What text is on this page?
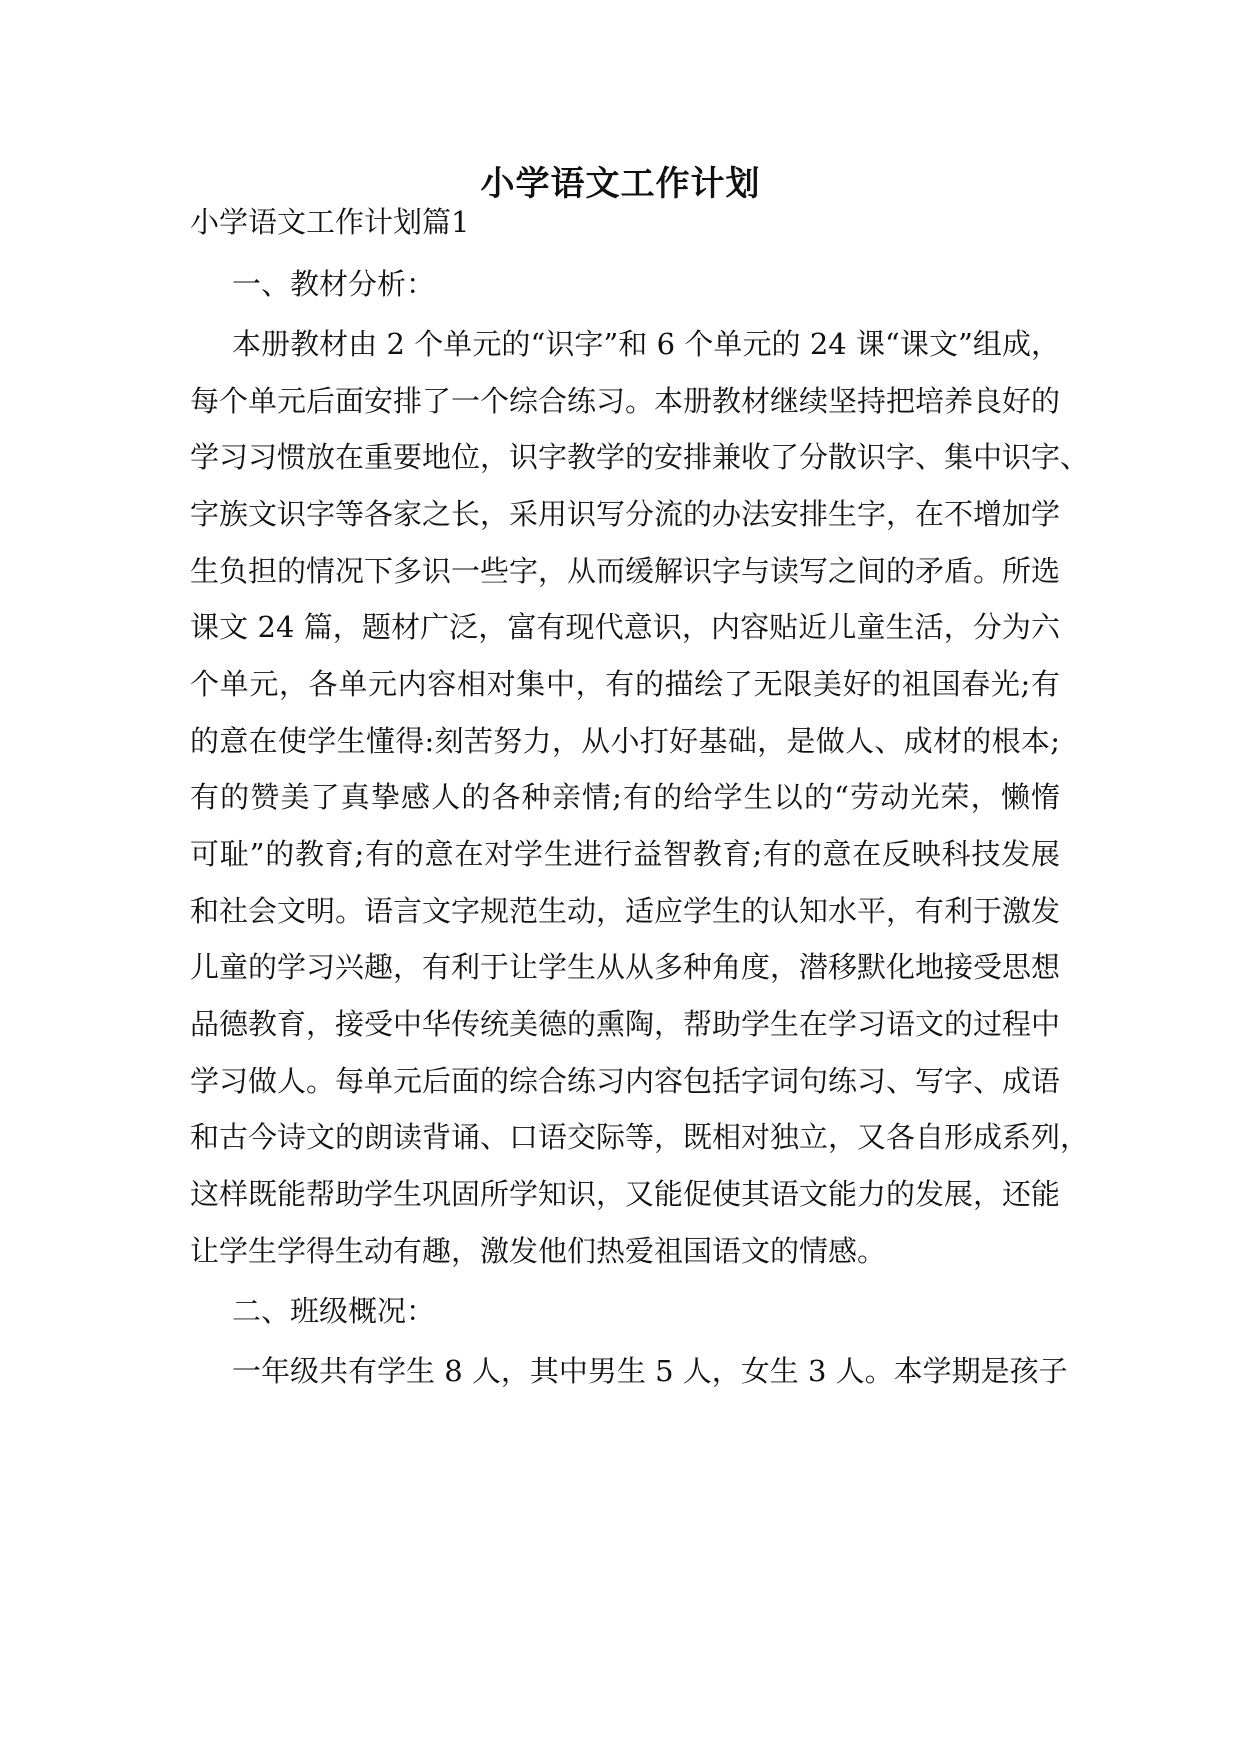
小学语文工作计划

小学语文工作计划篇1

一、教材分析：

本册教材由 2 个单元的“识字”和 6 个单元的 24 课“课文”组成，

每个单元后面安排了一个综合练习。本册教材继续坚持把培养良好的

学习习惯放在重要地位，识字教学的安排兼收了分散识字、集中识字、

字族文识字等各家之长，采用识写分流的办法安排生字，在不增加学

生负担的情况下多识一些字，从而缓解识字与读写之间的矛盾。所选

课文 24 篇，题材广泛，富有现代意识，内容贴近儿童生活，分为六

个单元，各单元内容相对集中，有的描绘了无限美好的祖国春光;有

的意在使学生懂得:刻苦努力，从小打好基础，是做人、成材的根本;

有的赞美了真挚感人的各种亲情;有的给学生以的“劳动光荣，懒惰

可耻”的教育;有的意在对学生进行益智教育;有的意在反映科技发展

和社会文明。语言文字规范生动，适应学生的认知水平，有利于激发

儿童的学习兴趣，有利于让学生从从多种角度，潜移默化地接受思想

品德教育，接受中华传统美德的熏陶，帮助学生在学习语文的过程中

学习做人。每单元后面的综合练习内容包括字词句练习、写字、成语

和古今诗文的朗读背诵、口语交际等，既相对独立，又各自形成系列，

这样既能帮助学生巩固所学知识，又能促使其语文能力的发展，还能

让学生学得生动有趣，激发他们热爱祖国语文的情感。

二、班级概况：

一年级共有学生 8 人，其中男生 5 人，女生 3 人。本学期是孩子
